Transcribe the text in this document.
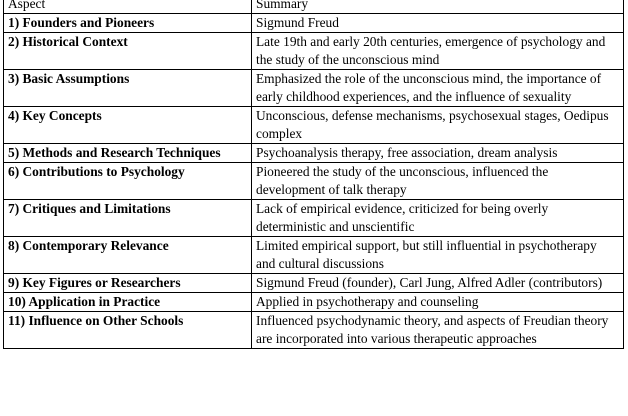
Aspect	Summary
1) Founders and Pioneers	Sigmund Freud
2) Historical Context	Late 19th and early 20th centuries, emergence of psychology and the study of the unconscious mind
3) Basic Assumptions	Emphasized the role of the unconscious mind, the importance of early childhood experiences, and the influence of sexuality
4) Key Concepts	Unconscious, defense mechanisms, psychosexual stages, Oedipus complex
5) Methods and Research Techniques	Psychoanalysis therapy, free association, dream analysis
6) Contributions to Psychology	Pioneered the study of the unconscious, influenced the development of talk therapy
7) Critiques and Limitations	Lack of empirical evidence, criticized for being overly deterministic and unscientific
8) Contemporary Relevance	Limited empirical support, but still influential in psychotherapy and cultural discussions
9) Key Figures or Researchers	Sigmund Freud (founder), Carl Jung, Alfred Adler (contributors)
10) Application in Practice	Applied in psychotherapy and counseling
11) Influence on Other Schools	Influenced psychodynamic theory, and aspects of Freudian theory are incorporated into various therapeutic approaches
